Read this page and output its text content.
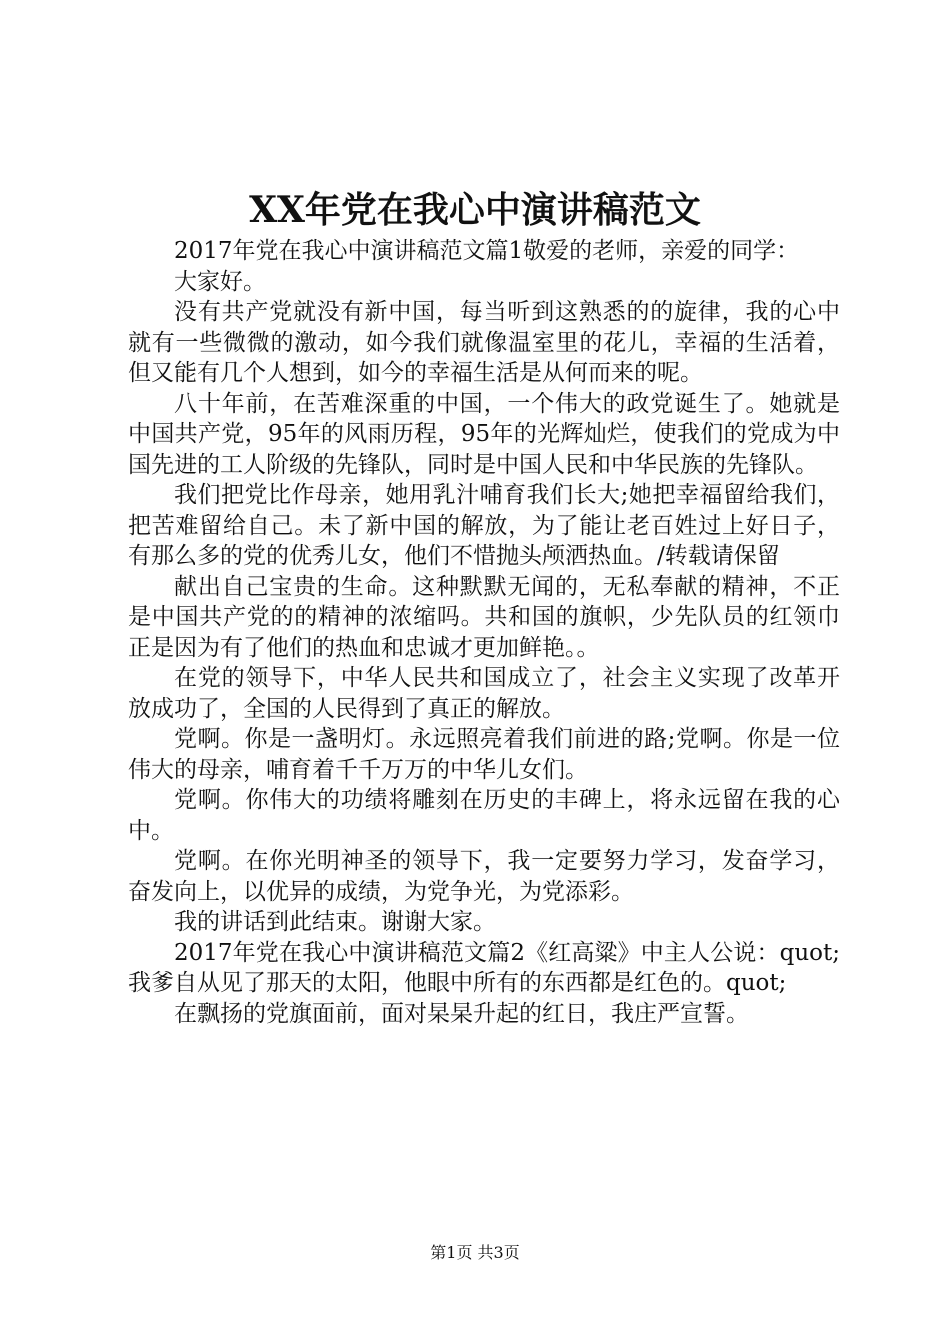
XX年党在我心中演讲稿范文

2017年党在我心中演讲稿范文篇1敬爱的老师，亲爱的同学：

大家好。

没有共产党就没有新中国，每当听到这熟悉的的旋律，我的心中就有一些微微的激动，如今我们就像温室里的花儿，幸福的生活着，但又能有几个人想到，如今的幸福生活是从何而来的呢。

八十年前，在苦难深重的中国，一个伟大的政党诞生了。她就是中国共产党，95年的风雨历程，95年的光辉灿烂，使我们的党成为中国先进的工人阶级的先锋队，同时是中国人民和中华民族的先锋队。

我们把党比作母亲，她用乳汁哺育我们长大;她把幸福留给我们，把苦难留给自己。未了新中国的解放，为了能让老百姓过上好日子，有那么多的党的优秀儿女，他们不惜抛头颅洒热血。/转载请保留

献出自己宝贵的生命。这种默默无闻的，无私奉献的精神，不正是中国共产党的的精神的浓缩吗。共和国的旗帜，少先队员的红领巾正是因为有了他们的热血和忠诚才更加鲜艳。。

在党的领导下，中华人民共和国成立了，社会主义实现了改革开放成功了，全国的人民得到了真正的解放。

党啊。你是一盏明灯。永远照亮着我们前进的路;党啊。你是一位伟大的母亲，哺育着千千万万的中华儿女们。

党啊。你伟大的功绩将雕刻在历史的丰碑上，将永远留在我的心中。

党啊。在你光明神圣的领导下，我一定要努力学习，发奋学习，奋发向上，以优异的成绩，为党争光，为党添彩。

我的讲话到此结束。谢谢大家。

2017年党在我心中演讲稿范文篇2《红高粱》中主人公说：quot;我爹自从见了那天的太阳，他眼中所有的东西都是红色的。quot;

在飘扬的党旗面前，面对杲杲升起的红日，我庄严宣誓。

第1页 共3页
